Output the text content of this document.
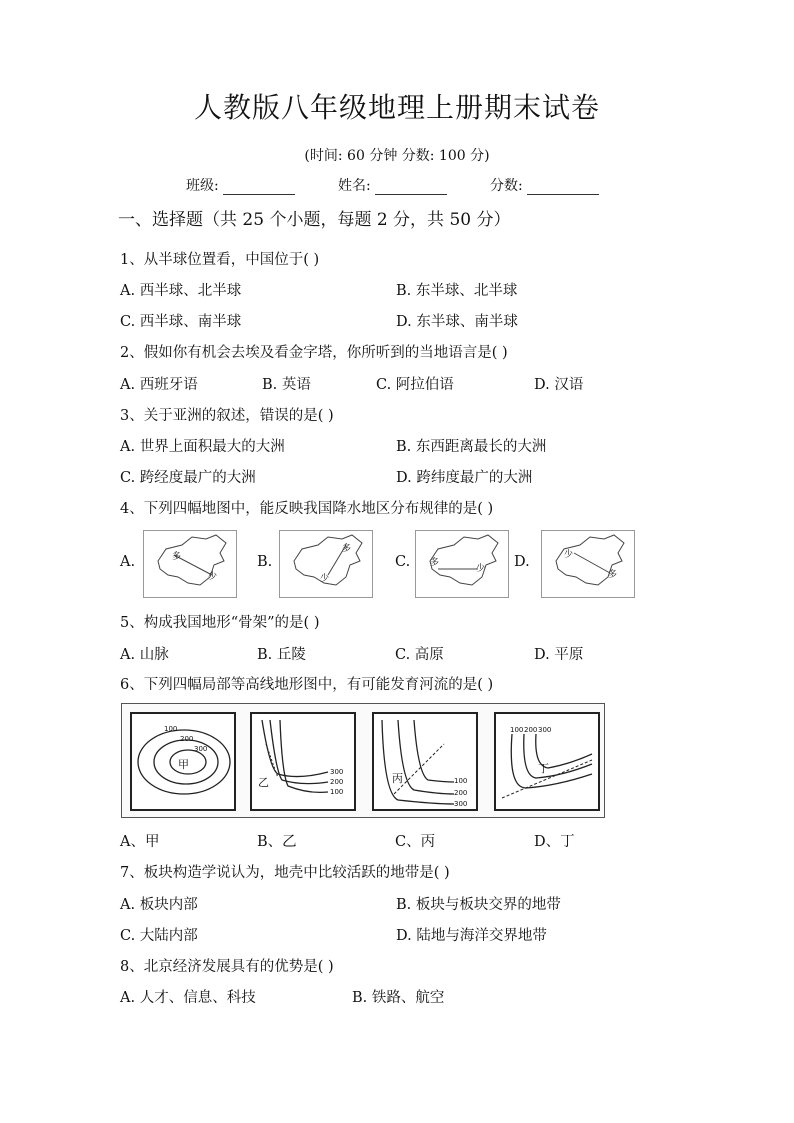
人教版八年级地理上册期末试卷
(时间: 60 分钟 分数: 100 分)
班级:	姓名:	分数:
一、选择题（共 25 个小题，每题 2 分，共 50 分）
1、从半球位置看，中国位于( )
A. 西半球、北半球	B. 东半球、北半球
C. 西半球、南半球	D. 东半球、南半球
2、假如你有机会去埃及看金字塔，你所听到的当地语言是( )
A. 西班牙语	B. 英语	C. 阿拉伯语	D. 汉语
3、关于亚洲的叙述，错误的是( )
A. 世界上面积最大的大洲	B. 东西距离最长的大洲
C. 跨经度最广的大洲	D. 跨纬度最广的大洲
4、下列四幅地图中，能反映我国降水地区分布规律的是( )
A.	多
少
B.
多
少
C. 多
少 D.	少
多
5、构成我国地形“骨架”的是( )
A. 山脉	B. 丘陵	C. 高原	D. 平原
6、下列四幅局部等高线地形图中，有可能发育河流的是( )
100
200
300
甲
300
200
100
乙	100
200
300
丙
100 200 300
丁
A、甲	B、乙	C、丙	D、丁
7、板块构造学说认为，地壳中比较活跃的地带是( )
A. 板块内部	B. 板块与板块交界的地带
C. 大陆内部	D. 陆地与海洋交界地带
8、北京经济发展具有的优势是( )
A. 人才、信息、科技	B. 铁路、航空
